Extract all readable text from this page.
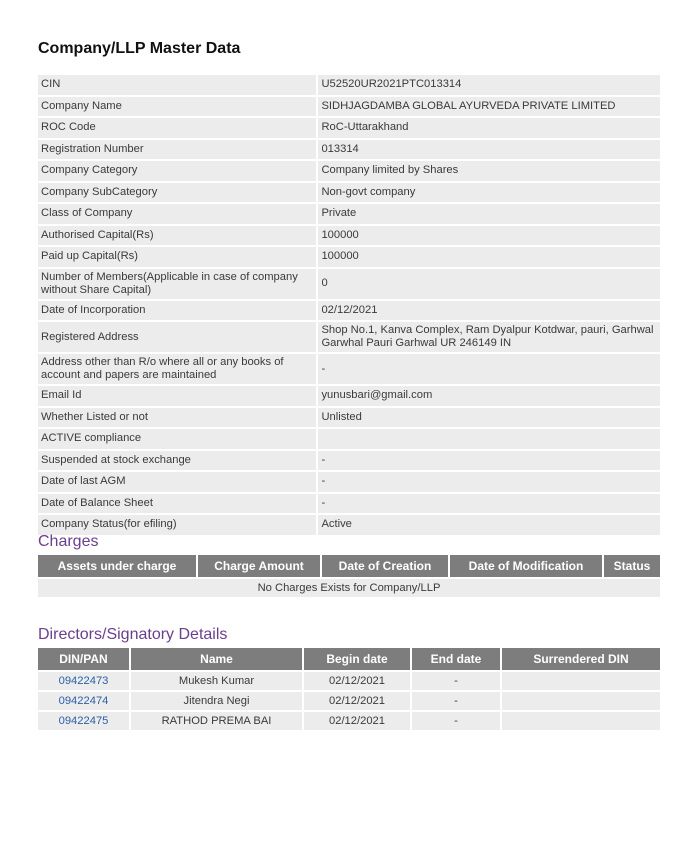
Company/LLP Master Data
CIN	U52520UR2021PTC013314
Company Name	SIDHJAGDAMBA GLOBAL AYURVEDA PRIVATE LIMITED
ROC Code	RoC-Uttarakhand
Registration Number	013314
Company Category	Company limited by Shares
Company SubCategory	Non-govt company
Class of Company	Private
Authorised Capital(Rs)	100000
Paid up Capital(Rs)	100000
Number of Members(Applicable in case of company without Share Capital)	0
Date of Incorporation	02/12/2021
Registered Address	Shop No.1, Kanva Complex, Ram Dyalpur Kotdwar, pauri, Garhwal Garwhal Pauri Garhwal UR 246149 IN
Address other than R/o where all or any books of account and papers are maintained	-
Email Id	yunusbari@gmail.com
Whether Listed or not	Unlisted
ACTIVE compliance	
Suspended at stock exchange	-
Date of last AGM	-
Date of Balance Sheet	-
Company Status(for efiling)	Active
Charges
Assets under charge	Charge Amount	Date of Creation	Date of Modification	Status
No Charges Exists for Company/LLP
Directors/Signatory Details
DIN/PAN	Name	Begin date	End date	Surrendered DIN
09422473	Mukesh Kumar	02/12/2021	-	
09422474	Jitendra Negi	02/12/2021	-	
09422475	RATHOD PREMA BAI	02/12/2021	-	
